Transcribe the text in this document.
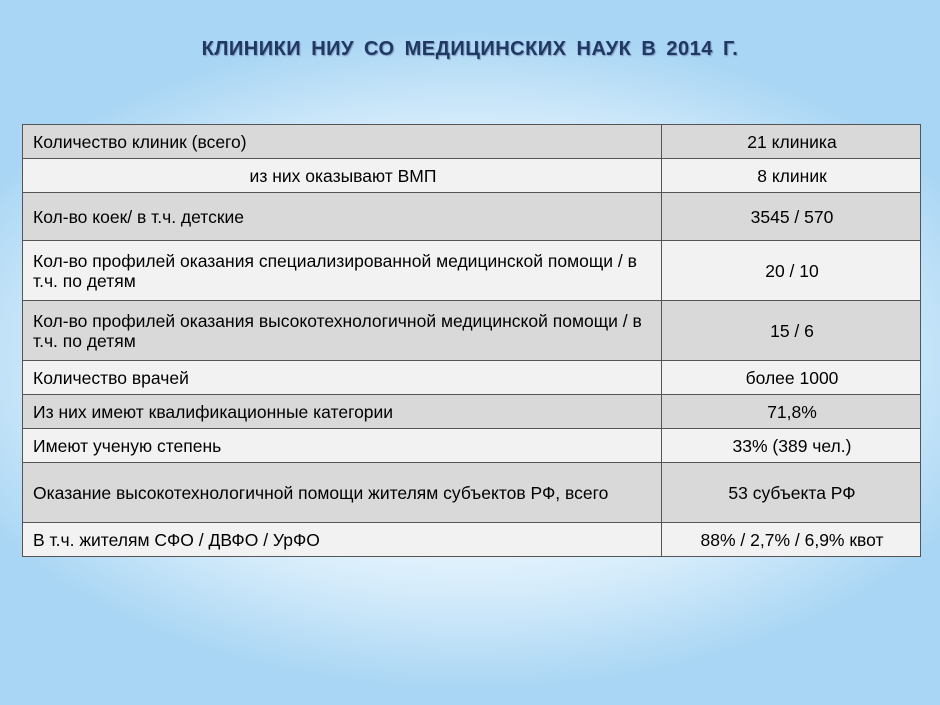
КЛИНИКИ НИУ СО МЕДИЦИНСКИХ НАУК В 2014 Г.
Количество клиник (всего)	21 клиника
из них оказывают ВМП	8 клиник
Кол-во коек/ в т.ч. детские	3545 / 570
Кол-во профилей оказания специализированной медицинской помощи / в т.ч. по детям	20 / 10
Кол-во профилей оказания высокотехнологичной медицинской помощи / в т.ч. по детям	15 / 6
Количество врачей	более 1000
Из них имеют квалификационные категории	71,8%
Имеют ученую степень	33% (389 чел.)
Оказание высокотехнологичной помощи жителям субъектов РФ, всего	53 субъекта РФ
В т.ч. жителям СФО / ДВФО / УрФО	88% / 2,7% / 6,9% квот
